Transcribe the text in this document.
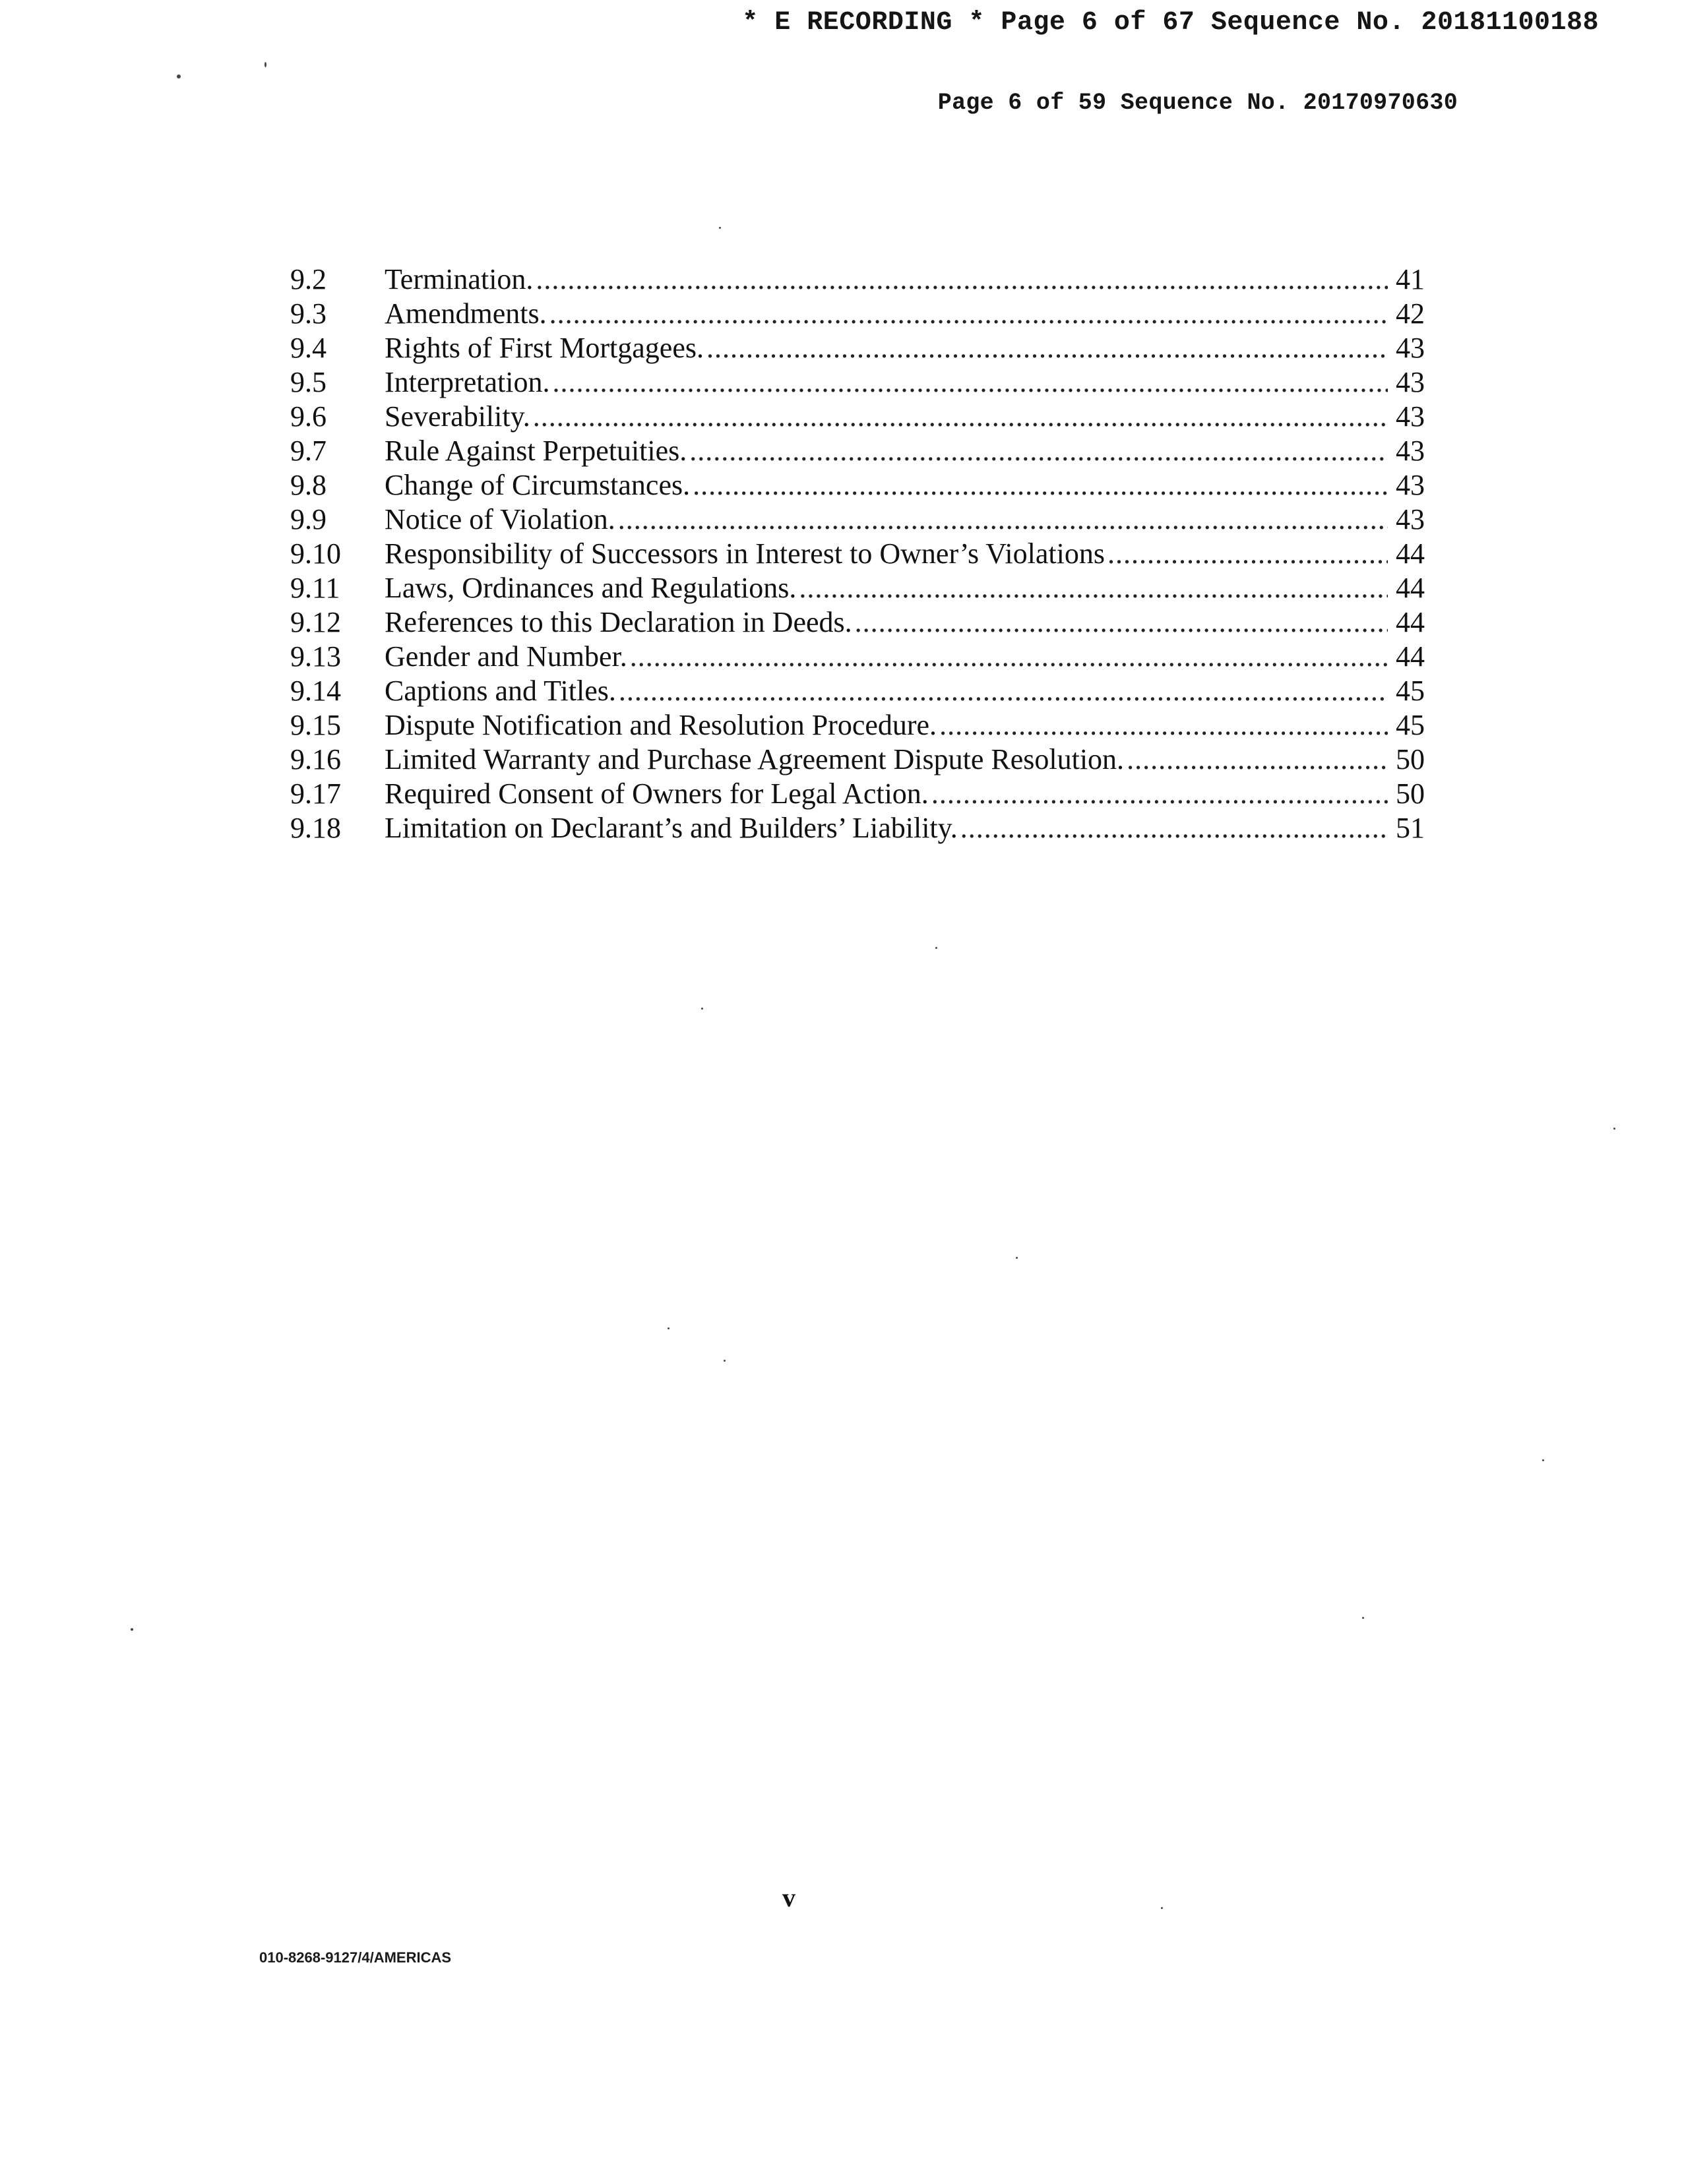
* E RECORDING * Page 6 of 67 Sequence No. 20181100188
Page 6 of 59 Sequence No. 20170970630
9.2	Termination. .....	41
9.3	Amendments. .....	42
9.4	Rights of First Mortgagees. .....	43
9.5	Interpretation. .....	43
9.6	Severability. .....	43
9.7	Rule Against Perpetuities. .....	43
9.8	Change of Circumstances. .....	43
9.9	Notice of Violation. .....	43
9.10	Responsibility of Successors in Interest to Owner’s Violations .....	44
9.11	Laws, Ordinances and Regulations. .....	44
9.12	References to this Declaration in Deeds. .....	44
9.13	Gender and Number. .....	44
9.14	Captions and Titles. .....	45
9.15	Dispute Notification and Resolution Procedure. .....	45
9.16	Limited Warranty and Purchase Agreement Dispute Resolution. .....	50
9.17	Required Consent of Owners for Legal Action. .....	50
9.18	Limitation on Declarant’s and Builders’ Liability. .....	51
v
010-8268-9127/4/AMERICAS
